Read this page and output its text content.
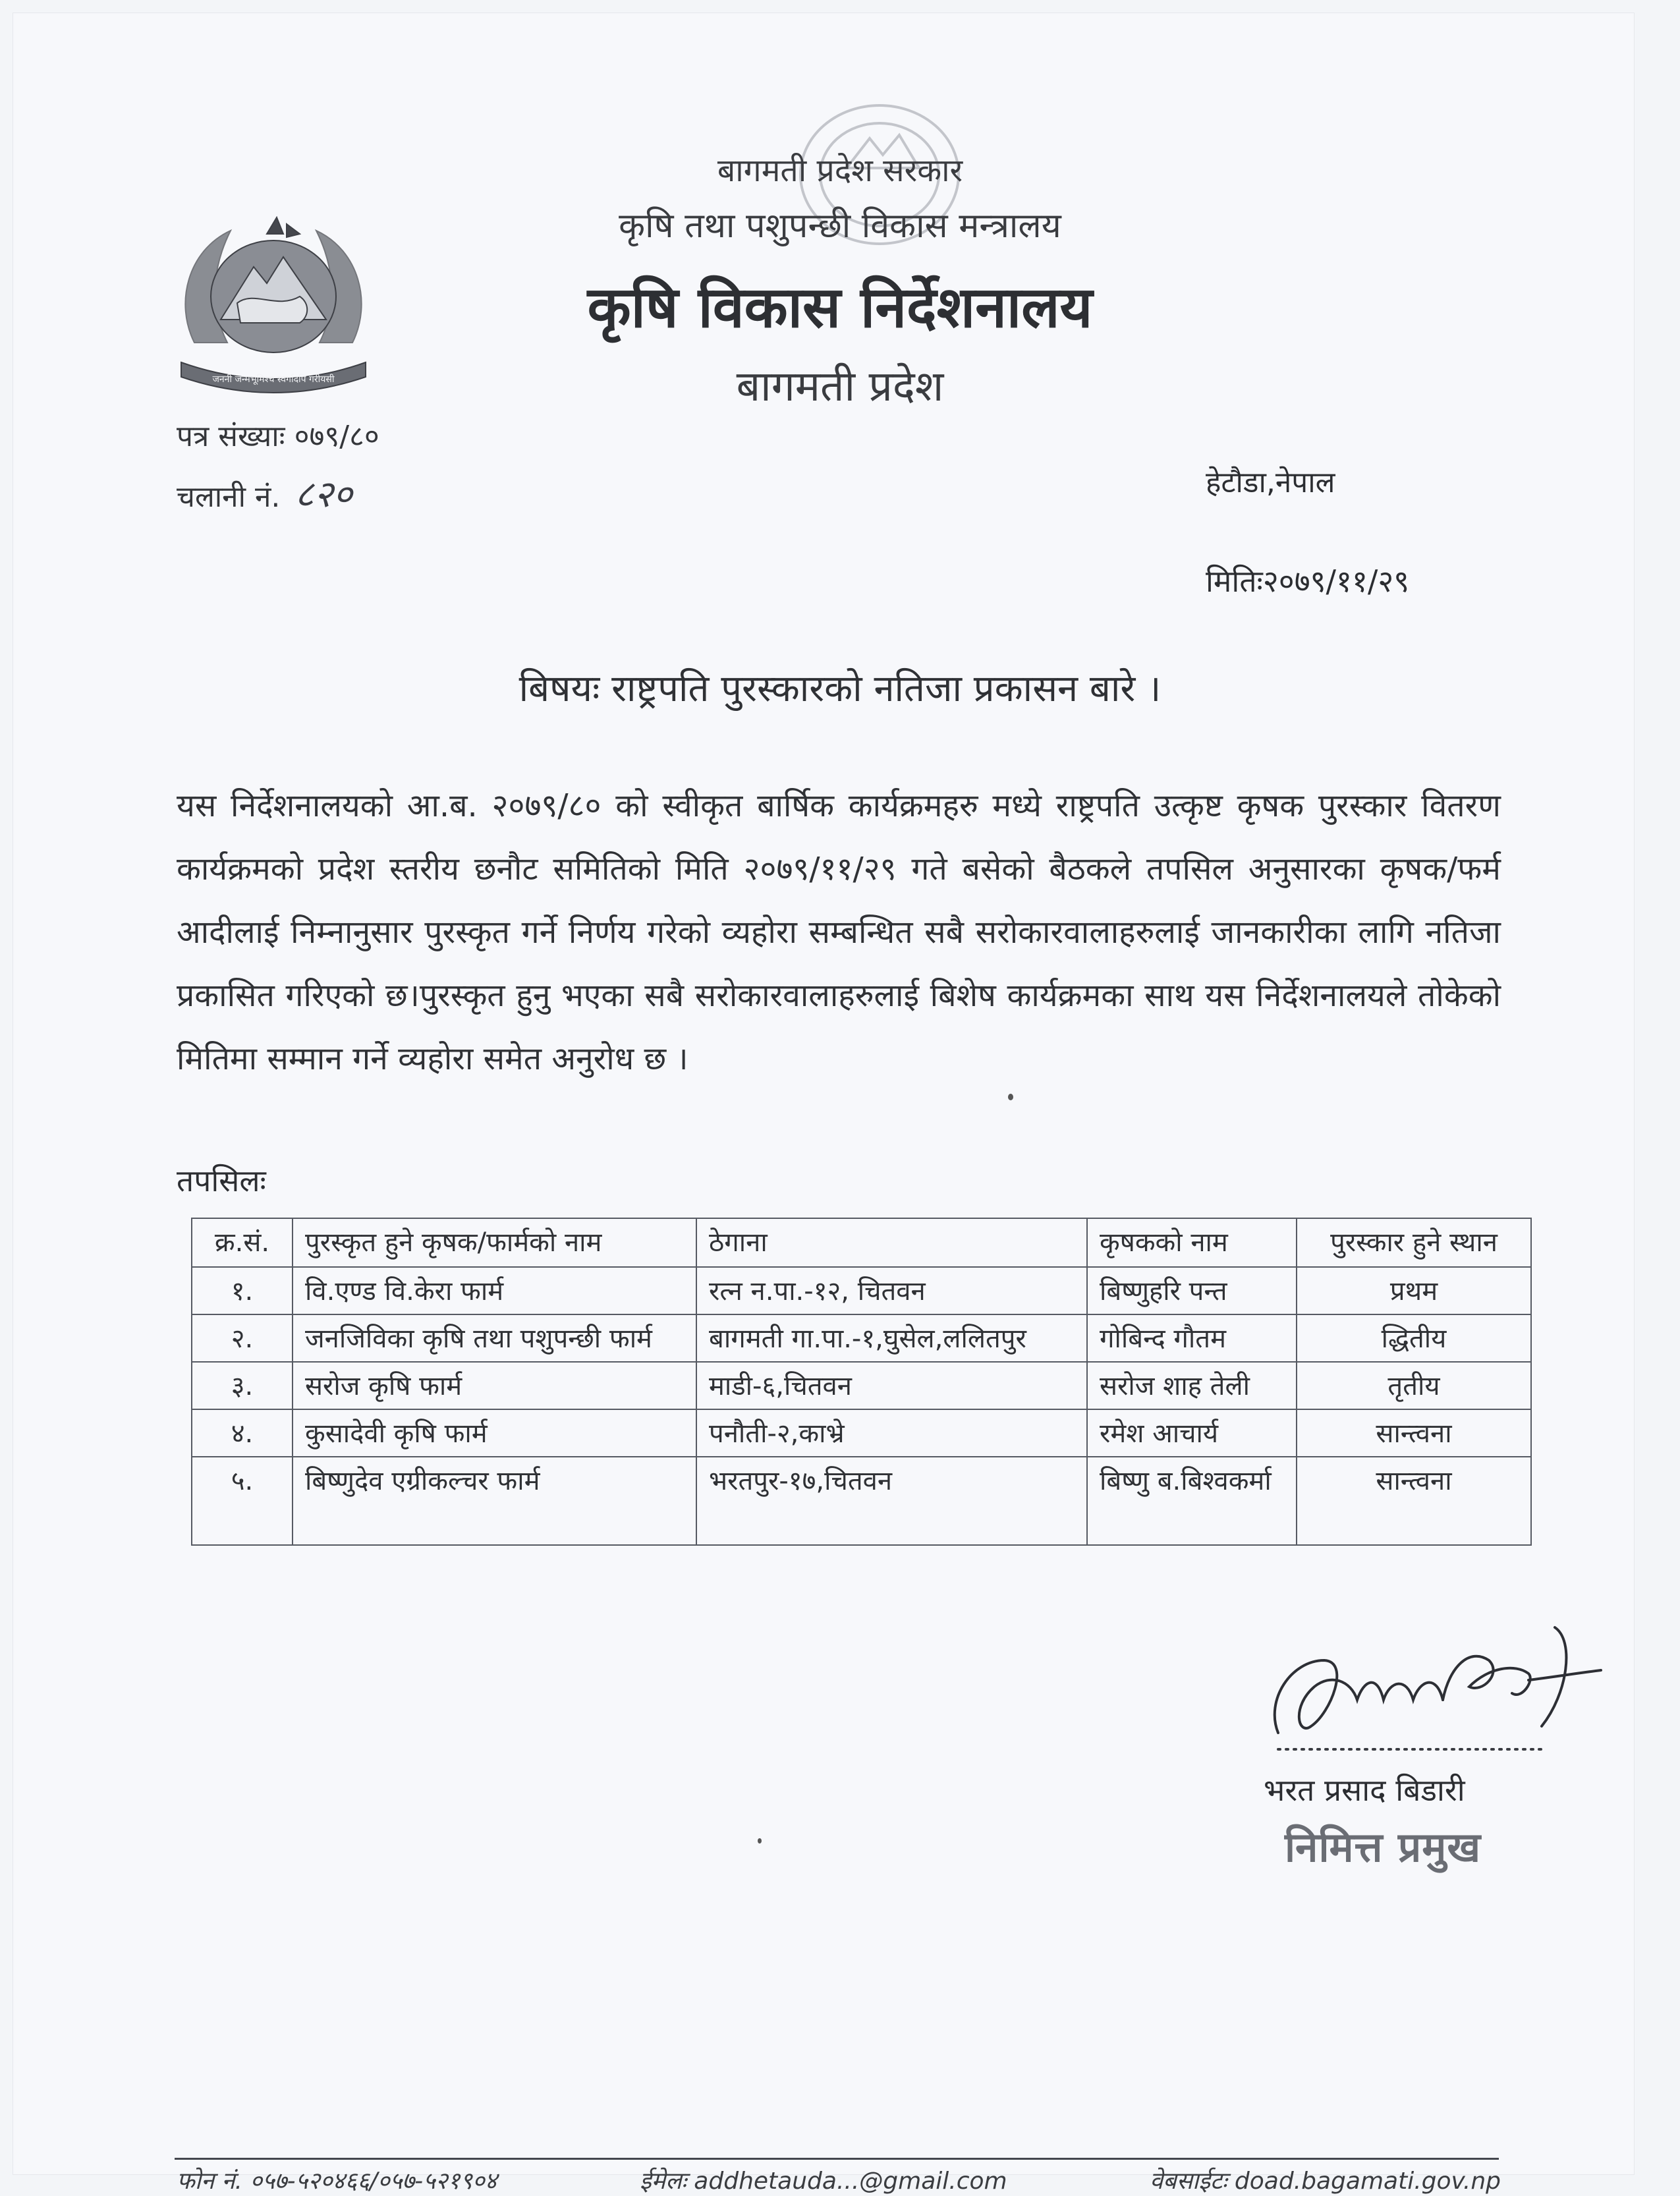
जननी जन्मभूमिश्च स्वर्गादपि गरीयसी
बागमती प्रदेश सरकार
कृषि तथा पशुपन्छी विकास मन्त्रालय
कृषि विकास निर्देशनालय
बागमती प्रदेश
पत्र संख्याः ०७९/८०
चलानी नं. ८२०	हेटौडा,नेपाल
मितिः२०७९/११/२९
बिषयः राष्ट्रपति पुरस्कारको नतिजा प्रकासन बारे ।
यस निर्देशनालयको आ.ब. २०७९/८० को स्वीकृत बार्षिक कार्यक्रमहरु मध्ये राष्ट्रपति उत्कृष्ट कृषक पुरस्कार वितरण कार्यक्रमको प्रदेश स्तरीय छनौट समितिको मिति २०७९/११/२९ गते बसेको बैठकले तपसिल अनुसारका कृषक/फर्म आदीलाई निम्नानुसार पुरस्कृत गर्ने निर्णय गरेको व्यहोरा सम्बन्धित सबै सरोकारवालाहरुलाई जानकारीका लागि नतिजा प्रकासित गरिएको छ।पुरस्कृत हुनु भएका सबै सरोकारवालाहरुलाई बिशेष कार्यक्रमका साथ यस निर्देशनालयले तोकेको मितिमा सम्मान गर्ने व्यहोरा समेत अनुरोध छ ।
तपसिलः
क्र.सं.	पुरस्कृत हुने कृषक/फार्मको नाम	ठेगाना	कृषकको नाम	पुरस्कार हुने स्थान
१.	वि.एण्ड वि.केरा फार्म	रत्न न.पा.-१२, चितवन	बिष्णुहरि पन्त	प्रथम
२.	जनजिविका कृषि तथा पशुपन्छी फार्म	बागमती गा.पा.-१,घुसेल,ललितपुर	गोबिन्द गौतम	द्धितीय
३.	सरोज कृषि फार्म	माडी-६,चितवन	सरोज शाह तेली	तृतीय
४.	कुसादेवी कृषि फार्म	पनौती-२,काभ्रे	रमेश आचार्य	सान्त्वना
५.	बिष्णुदेव एग्रीकल्चर फार्म	भरतपुर-१७,चितवन	बिष्णु ब.बिश्वकर्मा	सान्त्वना
भरत प्रसाद बिडारी
निमित्त प्रमुख
फोन नं. ०५७-५२०४६६/०५७-५२१९०४	ईमेलः addhetauda...@gmail.com	वेबसाईटः doad.bagamati.gov.np
